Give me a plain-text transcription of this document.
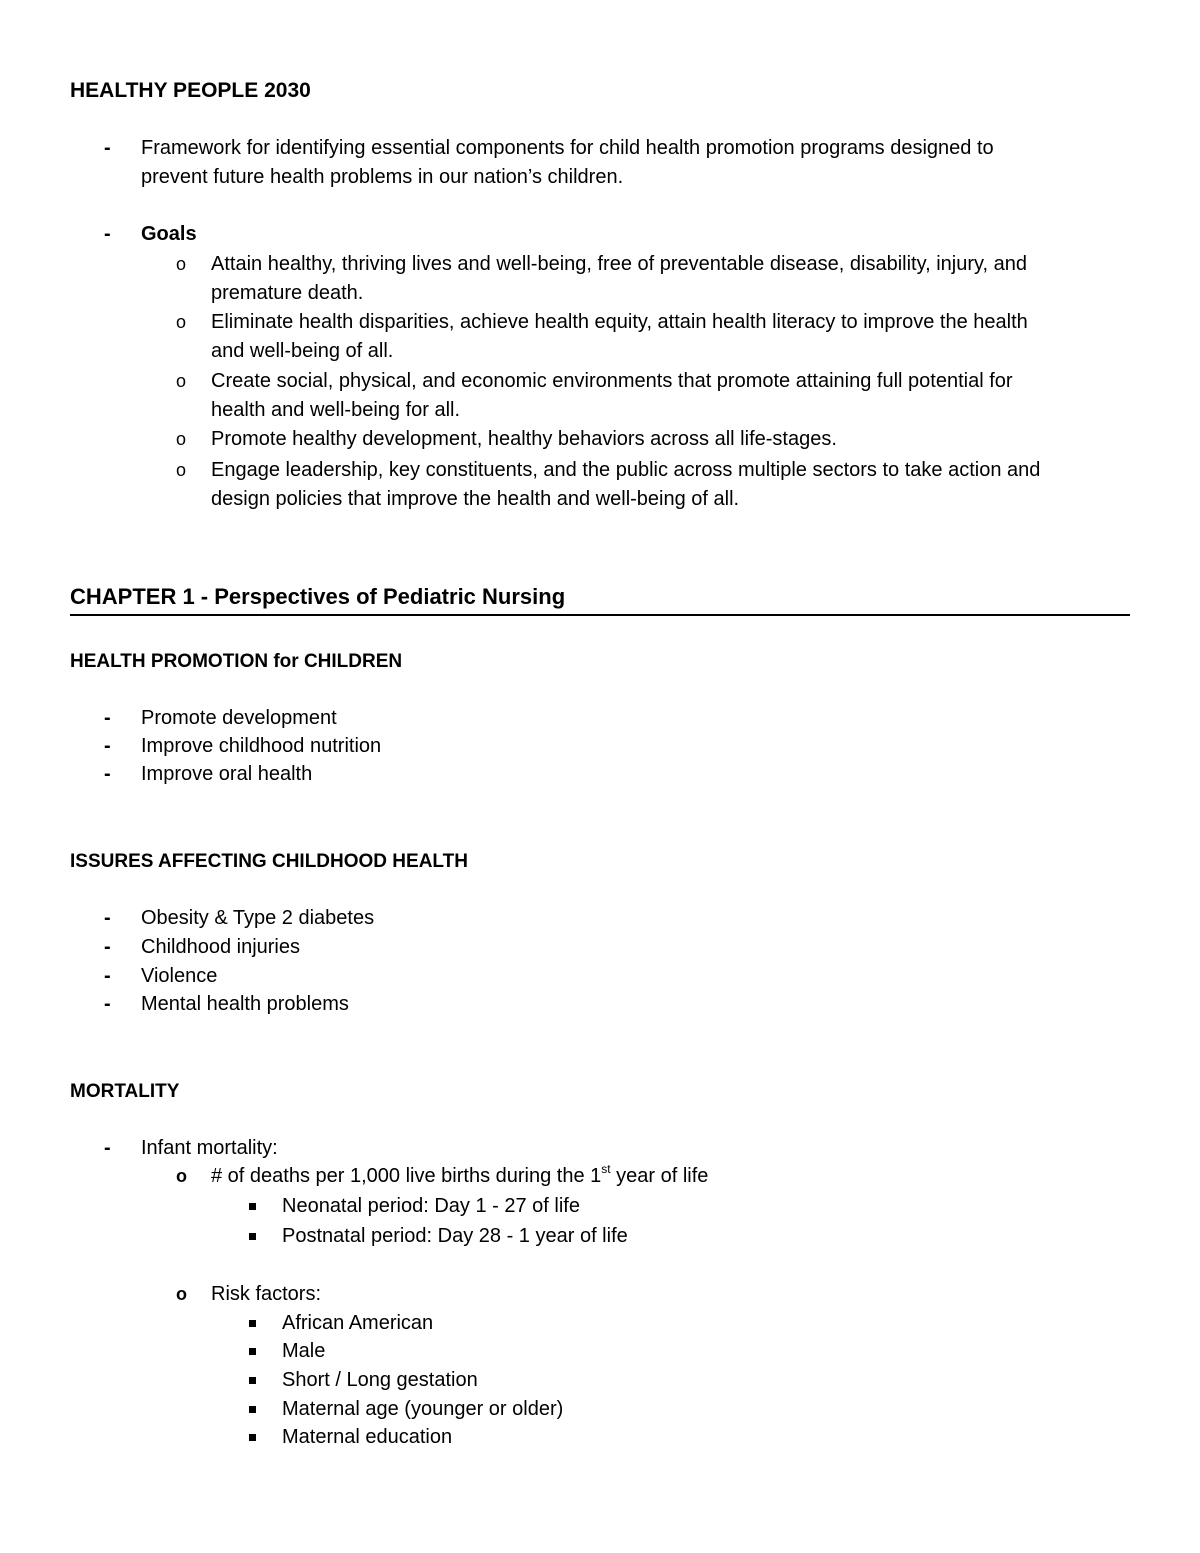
HEALTHY PEOPLE 2030
- Framework for identifying essential components for child health promotion programs designed to
prevent future health problems in our nation’s children.
- Goals
o Attain healthy, thriving lives and well-being, free of preventable disease, disability, injury, and
premature death.
o Eliminate health disparities, achieve health equity, attain health literacy to improve the health
and well-being of all.
o Create social, physical, and economic environments that promote attaining full potential for
health and well-being for all.
o Promote healthy development, healthy behaviors across all life-stages.
o Engage leadership, key constituents, and the public across multiple sectors to take action and
design policies that improve the health and well-being of all.
CHAPTER 1 - Perspectives of Pediatric Nursing
HEALTH PROMOTION for CHILDREN
- Promote development
- Improve childhood nutrition
- Improve oral health
ISSURES AFFECTING CHILDHOOD HEALTH
- Obesity & Type 2 diabetes
- Childhood injuries
- Violence
- Mental health problems
MORTALITY
- Infant mortality:
o # of deaths per 1,000 live births during the 1st year of life
Neonatal period: Day 1 - 27 of life
Postnatal period: Day 28 - 1 year of life
o Risk factors:
African American
Male
Short / Long gestation
Maternal age (younger or older)
Maternal education
